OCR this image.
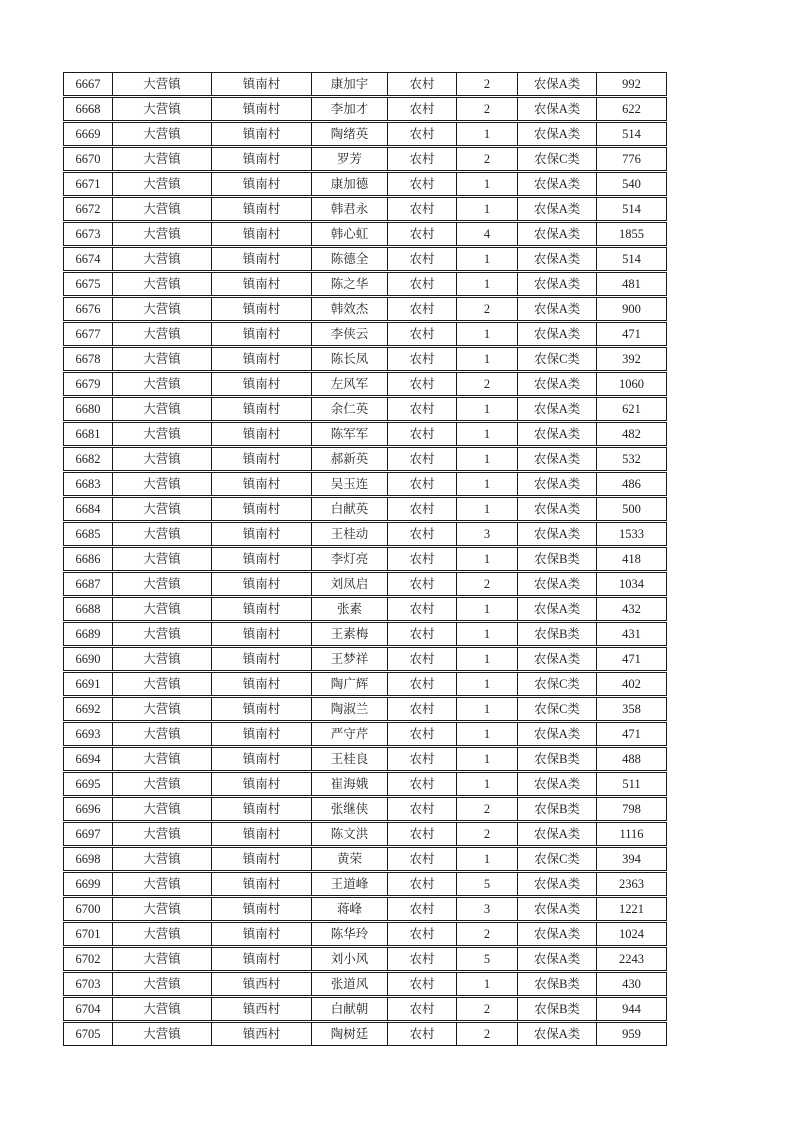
6667	大营镇	镇南村	康加宇	农村	2	农保A类	992
6668	大营镇	镇南村	李加才	农村	2	农保A类	622
6669	大营镇	镇南村	陶绪英	农村	1	农保A类	514
6670	大营镇	镇南村	罗芳	农村	2	农保C类	776
6671	大营镇	镇南村	康加德	农村	1	农保A类	540
6672	大营镇	镇南村	韩君永	农村	1	农保A类	514
6673	大营镇	镇南村	韩心虹	农村	4	农保A类	1855
6674	大营镇	镇南村	陈德全	农村	1	农保A类	514
6675	大营镇	镇南村	陈之华	农村	1	农保A类	481
6676	大营镇	镇南村	韩效杰	农村	2	农保A类	900
6677	大营镇	镇南村	李侠云	农村	1	农保A类	471
6678	大营镇	镇南村	陈长凤	农村	1	农保C类	392
6679	大营镇	镇南村	左风军	农村	2	农保A类	1060
6680	大营镇	镇南村	余仁英	农村	1	农保A类	621
6681	大营镇	镇南村	陈军军	农村	1	农保A类	482
6682	大营镇	镇南村	郝新英	农村	1	农保A类	532
6683	大营镇	镇南村	吴玉连	农村	1	农保A类	486
6684	大营镇	镇南村	白献英	农村	1	农保A类	500
6685	大营镇	镇南村	王桂动	农村	3	农保A类	1533
6686	大营镇	镇南村	李灯亮	农村	1	农保B类	418
6687	大营镇	镇南村	刘凤启	农村	2	农保A类	1034
6688	大营镇	镇南村	张素	农村	1	农保A类	432
6689	大营镇	镇南村	王素梅	农村	1	农保B类	431
6690	大营镇	镇南村	王梦祥	农村	1	农保A类	471
6691	大营镇	镇南村	陶广辉	农村	1	农保C类	402
6692	大营镇	镇南村	陶淑兰	农村	1	农保C类	358
6693	大营镇	镇南村	严守芹	农村	1	农保A类	471
6694	大营镇	镇南村	王桂良	农村	1	农保B类	488
6695	大营镇	镇南村	崔海娥	农村	1	农保A类	511
6696	大营镇	镇南村	张继侠	农村	2	农保B类	798
6697	大营镇	镇南村	陈文洪	农村	2	农保A类	1116
6698	大营镇	镇南村	黄荣	农村	1	农保C类	394
6699	大营镇	镇南村	王道峰	农村	5	农保A类	2363
6700	大营镇	镇南村	蒋峰	农村	3	农保A类	1221
6701	大营镇	镇南村	陈华玲	农村	2	农保A类	1024
6702	大营镇	镇南村	刘小风	农村	5	农保A类	2243
6703	大营镇	镇西村	张道风	农村	1	农保B类	430
6704	大营镇	镇西村	白献朝	农村	2	农保B类	944
6705	大营镇	镇西村	陶树廷	农村	2	农保A类	959
